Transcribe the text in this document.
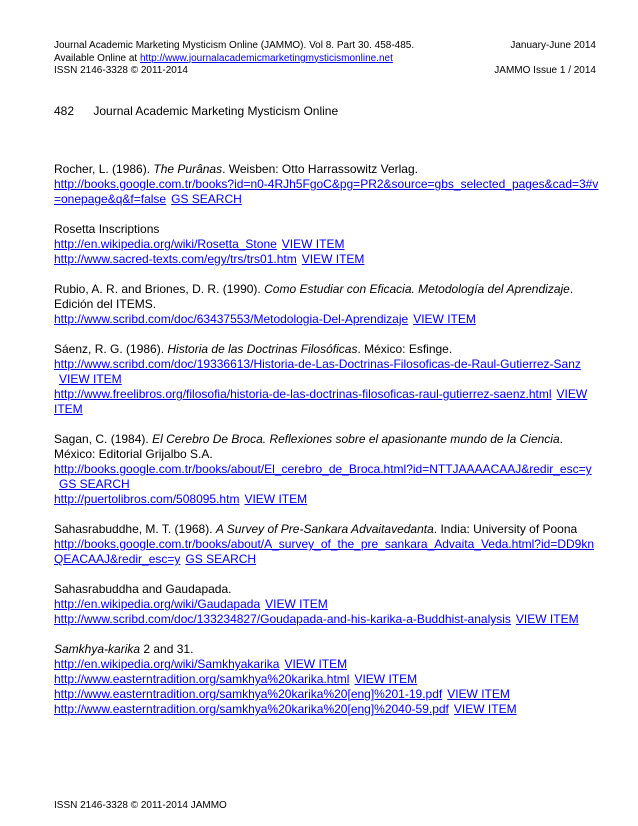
Journal Academic Marketing Mysticism Online (JAMMO). Vol 8. Part 30. 458-485.	January-June 2014
Available Online at http://www.journalacademicmarketingmysticismonline.net
ISSN 2146-3328 © 2011-2014	JAMMO Issue 1 / 2014
482 Journal Academic Marketing Mysticism Online
Rocher, L. (1986). The Purânas. Weisben: Otto Harrassowitz Verlag.
http://books.google.com.tr/books?id=n0-4RJh5FgoC&pg=PR2&source=gbs_selected_pages&cad=3#v=onepage&q&f=false GS SEARCH
Rosetta Inscriptions
http://en.wikipedia.org/wiki/Rosetta_Stone VIEW ITEM
http://www.sacred-texts.com/egy/trs/trs01.htm VIEW ITEM
Rubio, A. R. and Briones, D. R. (1990). Como Estudiar con Eficacia. Metodología del Aprendizaje. Edición del ITEMS.
http://www.scribd.com/doc/63437553/Metodologia-Del-Aprendizaje VIEW ITEM
Sáenz, R. G. (1986). Historia de las Doctrinas Filosóficas. México: Esfinge.
http://www.scribd.com/doc/19336613/Historia-de-Las-Doctrinas-Filosoficas-de-Raul-Gutierrez-SanzVIEW ITEM
http://www.freelibros.org/filosofia/historia-de-las-doctrinas-filosoficas-raul-gutierrez-saenz.html VIEW ITEM
Sagan, C. (1984). El Cerebro De Broca. Reflexiones sobre el apasionante mundo de la Ciencia. México: Editorial Grijalbo S.A.
http://books.google.com.tr/books/about/El_cerebro_de_Broca.html?id=NTTJAAAACAAJ&redir_esc=yGS SEARCH
http://puertolibros.com/508095.htm VIEW ITEM
Sahasrabuddhe, M. T. (1968). A Survey of Pre-Sankara Advaitavedanta. India: University of Poona
http://books.google.com.tr/books/about/A_survey_of_the_pre_sankara_Advaita_Veda.html?id=DD9knQEACAAJ&redir_esc=y GS SEARCH
Sahasrabuddha and Gaudapada.
http://en.wikipedia.org/wiki/Gaudapada VIEW ITEM
http://www.scribd.com/doc/133234827/Goudapada-and-his-karika-a-Buddhist-analysis VIEW ITEM
Samkhya-karika 2 and 31.
http://en.wikipedia.org/wiki/Samkhyakarika VIEW ITEM
http://www.easterntradition.org/samkhya%20karika.html VIEW ITEM
http://www.easterntradition.org/samkhya%20karika%20[eng]%201-19.pdf VIEW ITEM
http://www.easterntradition.org/samkhya%20karika%20[eng]%2040-59.pdf VIEW ITEM
ISSN 2146-3328 © 2011-2014 JAMMO
